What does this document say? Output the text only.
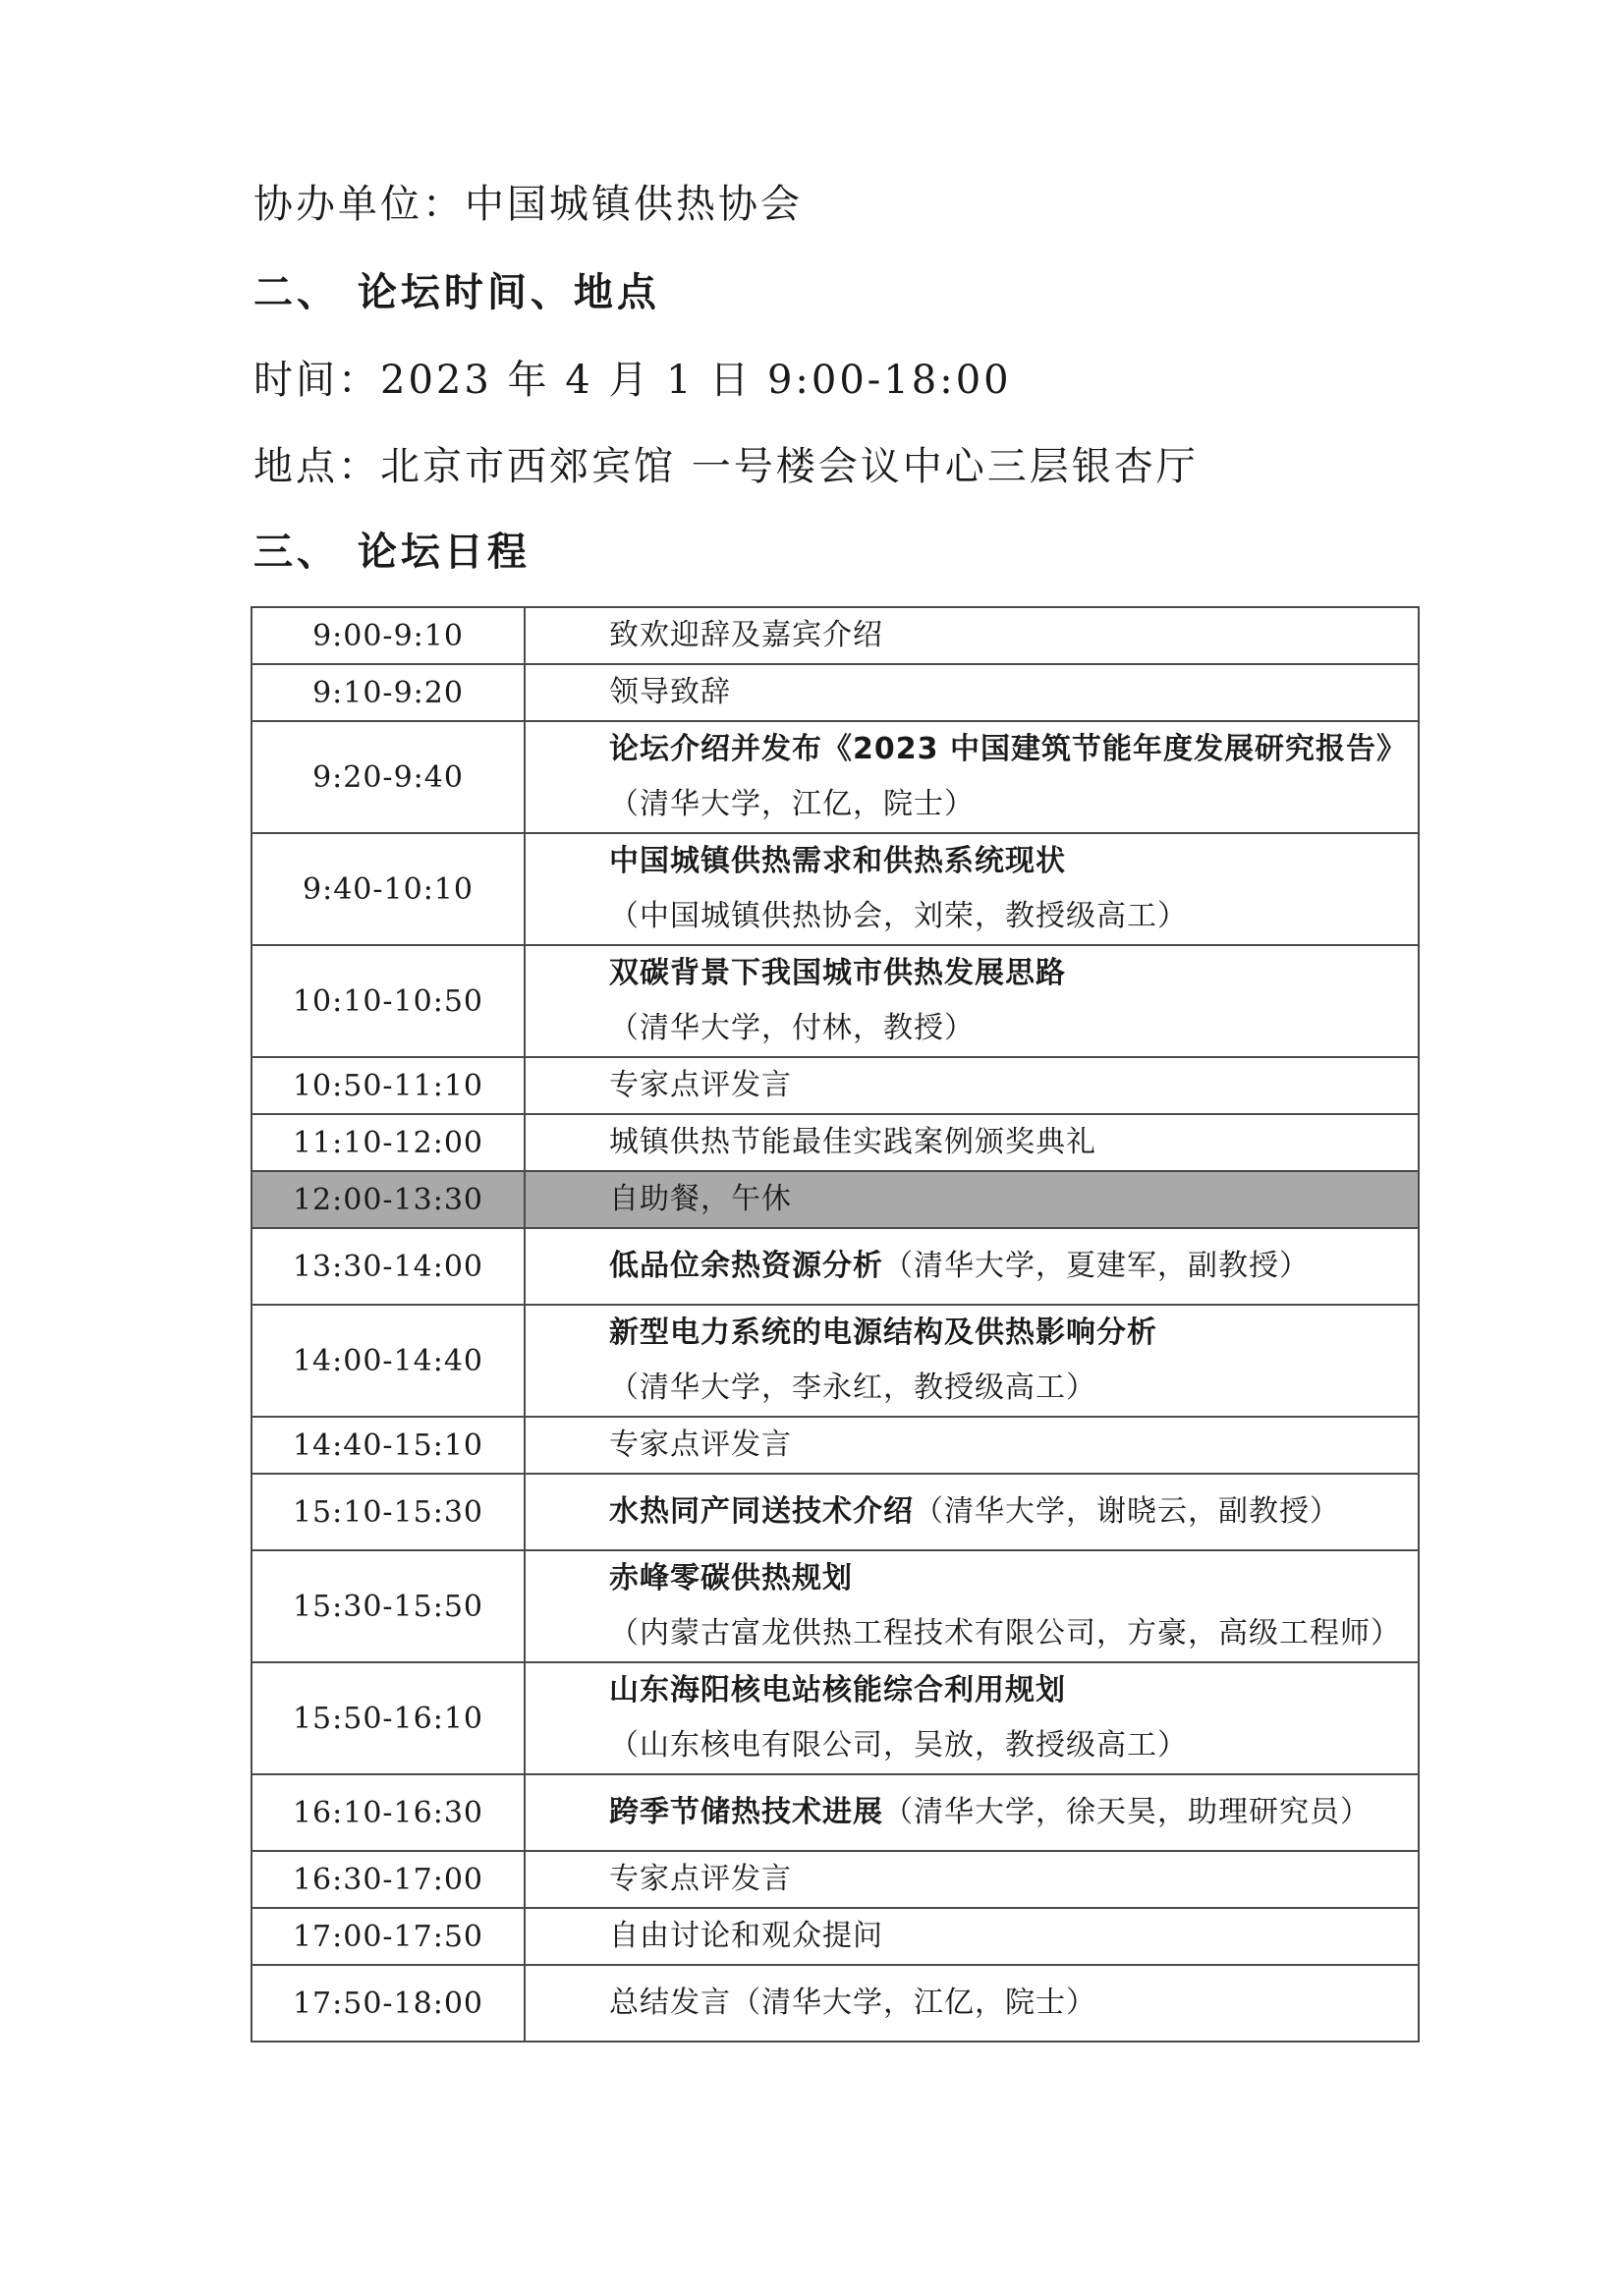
协办单位：中国城镇供热协会
二、 论坛时间、地点
时间：2023 年 4 月 1 日 9:00-18:00
地点：北京市西郊宾馆 一号楼会议中心三层银杏厅
三、 论坛日程
9:00-9:10	致欢迎辞及嘉宾介绍
9:10-9:20	领导致辞
9:20-9:40	论坛介绍并发布《2023 中国建筑节能年度发展研究报告》
（清华大学，江亿，院士）

9:40-10:10	中国城镇供热需求和供热系统现状
（中国城镇供热协会，刘荣，教授级高工）

10:10-10:50	双碳背景下我国城市供热发展思路
（清华大学，付林，教授）

10:50-11:10	专家点评发言
11:10-12:00	城镇供热节能最佳实践案例颁奖典礼
12:00-13:30	自助餐，午休
13:30-14:00	低品位余热资源分析（清华大学，夏建军，副教授）
14:00-14:40	新型电力系统的电源结构及供热影响分析
（清华大学，李永红，教授级高工）

14:40-15:10	专家点评发言
15:10-15:30	水热同产同送技术介绍（清华大学，谢晓云，副教授）
15:30-15:50	赤峰零碳供热规划
（内蒙古富龙供热工程技术有限公司，方豪，高级工程师）

15:50-16:10	山东海阳核电站核能综合利用规划
（山东核电有限公司，吴放，教授级高工）

16:10-16:30	跨季节储热技术进展（清华大学，徐天昊，助理研究员）
16:30-17:00	专家点评发言
17:00-17:50	自由讨论和观众提问
17:50-18:00	总结发言（清华大学，江亿，院士）
